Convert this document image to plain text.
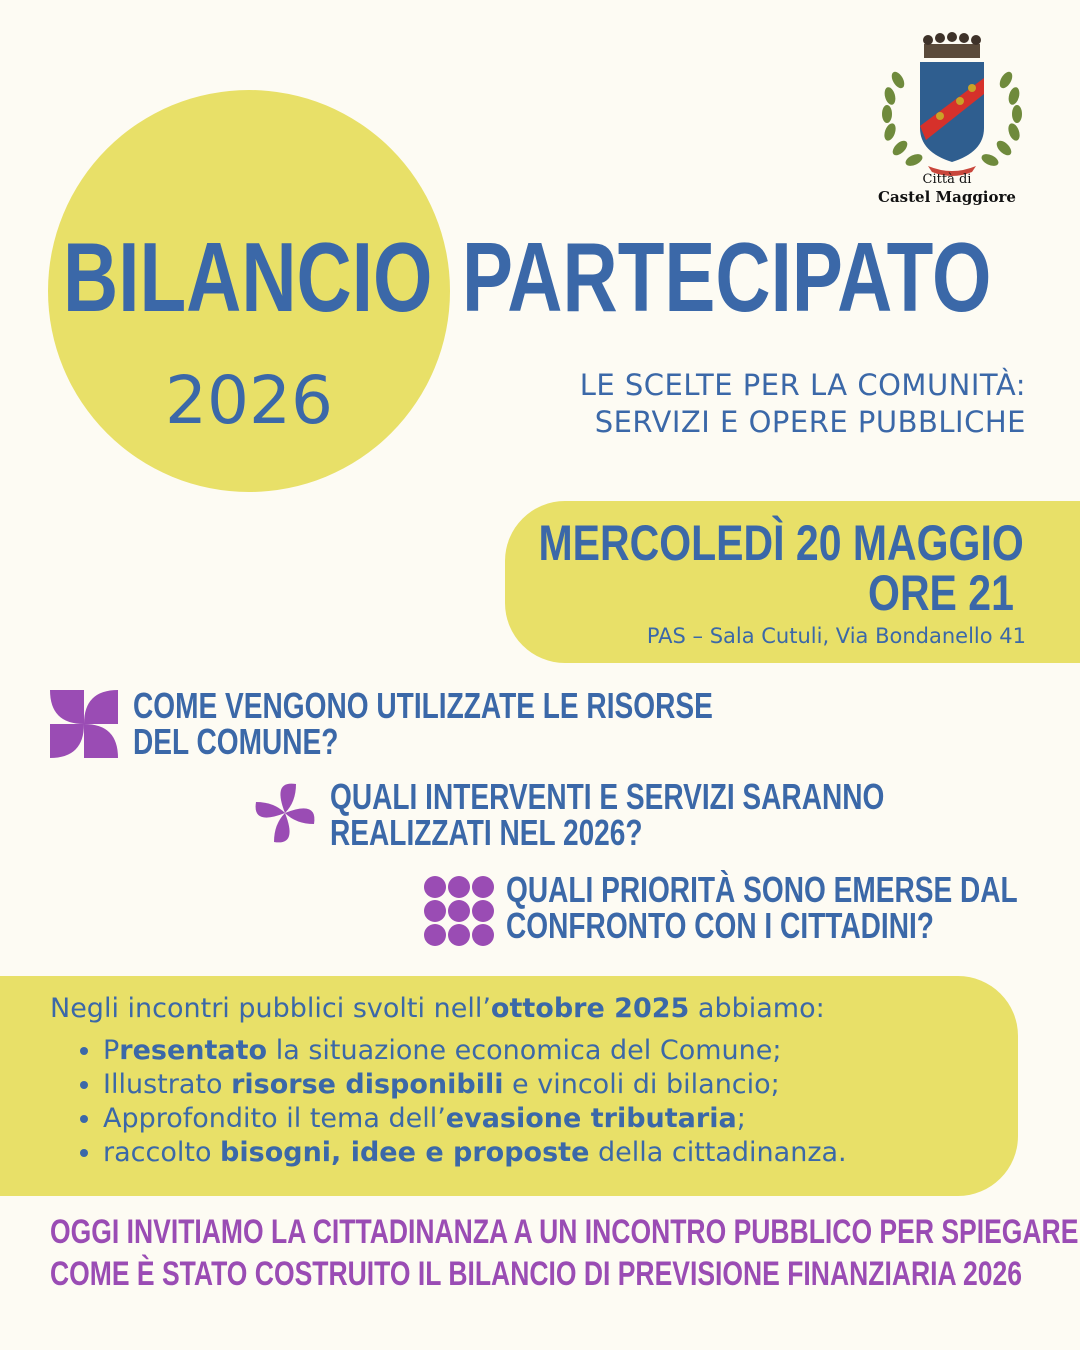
Città di
Castel Maggiore
BILANCIO PARTECIPATO
2026	LE SCELTE PER LA COMUNITÀ:
SERVIZI E OPERE PUBBLICHE
MERCOLEDÌ 20 MAGGIO
ORE 21
PAS – Sala Cutuli, Via Bondanello 41
COME VENGONO UTILIZZATE LE RISORSE
DEL COMUNE?
QUALI INTERVENTI E SERVIZI SARANNO
REALIZZATI NEL 2026?
QUALI PRIORITÀ SONO EMERSE DAL
CONFRONTO CON I CITTADINI?
Negli incontri pubblici svolti nell’ottobre 2025 abbiamo:
• Presentato la situazione economica del Comune;
• Illustrato risorse disponibili e vincoli di bilancio;
• Approfondito il tema dell’evasione tributaria;
• raccolto bisogni, idee e proposte della cittadinanza.
OGGI INVITIAMO LA CITTADINANZA A UN INCONTRO PUBBLICO PER SPIEGARE
COME È STATO COSTRUITO IL BILANCIO DI PREVISIONE FINANZIARIA 2026
